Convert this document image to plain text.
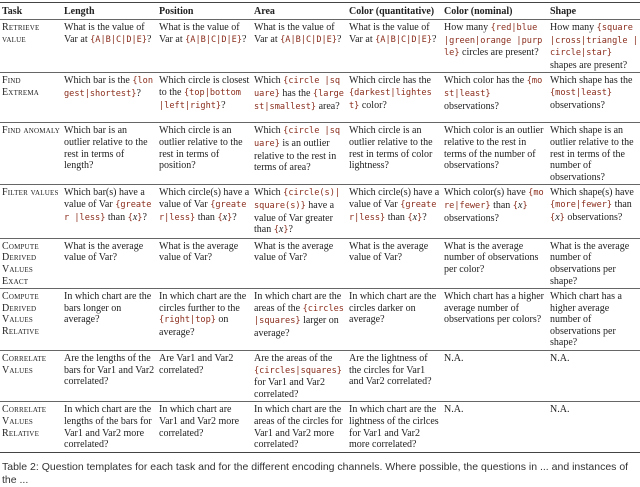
Task	Length	Position	Area	Color (quantitative)	Color (nominal)	Shape
Retrieve value	What is the value of Var at {A|B|C|D|E}?	What is the value of Var at {A|B|C|D|E}?	What is the value of Var at {A|B|C|D|E}?	What is the value of Var at {A|B|C|D|E}?	How many {red|blue |green|orange |purple} circles are present?	How many {square |cross|triangle |circle|star} shapes are present?
Find Extrema	Which bar is the {longest|shortest}?	Which circle is closest to the {top|bottom |left|right}?	Which {circle |square} has the {largest|smallest} area?	Which circle has the {darkest|lightest} color?	Which color has the {most|least} observations?	Which shape has the {most|least} observations?
Find anomaly	Which bar is an outlier relative to the rest in terms of length?	Which circle is an outlier relative to the rest in terms of position?	Which {circle |square} is an outlier relative to the rest in terms of area?	Which circle is an outlier relative to the rest in terms of color lightness?	Which color is an outlier relative to the rest in terms of the number of observations?	Which shape is an outlier relative to the rest in terms of the number of observations?
Filter values	Which bar(s) have a value of Var {greater |less} than {x}?	Which circle(s) have a value of Var {greater|less} than {x}?	Which {circle(s)| square(s)} have a value of Var greater than {x}?	Which circle(s) have a value of Var {greater|less} than {x}?	Which color(s) have {more|fewer} than {x} observations?	Which shape(s) have {more|fewer} than {x} observations?
Compute Derived Values Exact	What is the average value of Var?	What is the average value of Var?	What is the average value of Var?	What is the average value of Var?	What is the average number of observations per color?	What is the average number of observations per shape?
Compute Derived Values Relative	In which chart are the bars longer on average?	In which chart are the circles further to the {right|top} on average?	In which chart are the areas of the {circles |squares} larger on average?	In which chart are the circles darker on average?	Which chart has a higher average number of observations per colors?	Which chart has a higher average number of observations per shape?
Correlate Values	Are the lengths of the bars for Var1 and Var2 correlated?	Are Var1 and Var2 correlated?	Are the areas of the {circles|squares} for Var1 and Var2 correlated?	Are the lightness of the circles for Var1 and Var2 correlated?	N.A.	N.A.
Correlate Values Relative	In which chart are the lengths of the bars for Var1 and Var2 more correlated?	In which chart are Var1 and Var2 more correlated?	In which chart are the areas of the circles for Var1 and Var2 more correlated?	In which chart are the lightness of the cirlces for Var1 and Var2 more correlated?	N.A.	N.A.
Table 2: Question templates for each task and for the different encoding channels. Where possible, the questions in ... and instances of the ...
